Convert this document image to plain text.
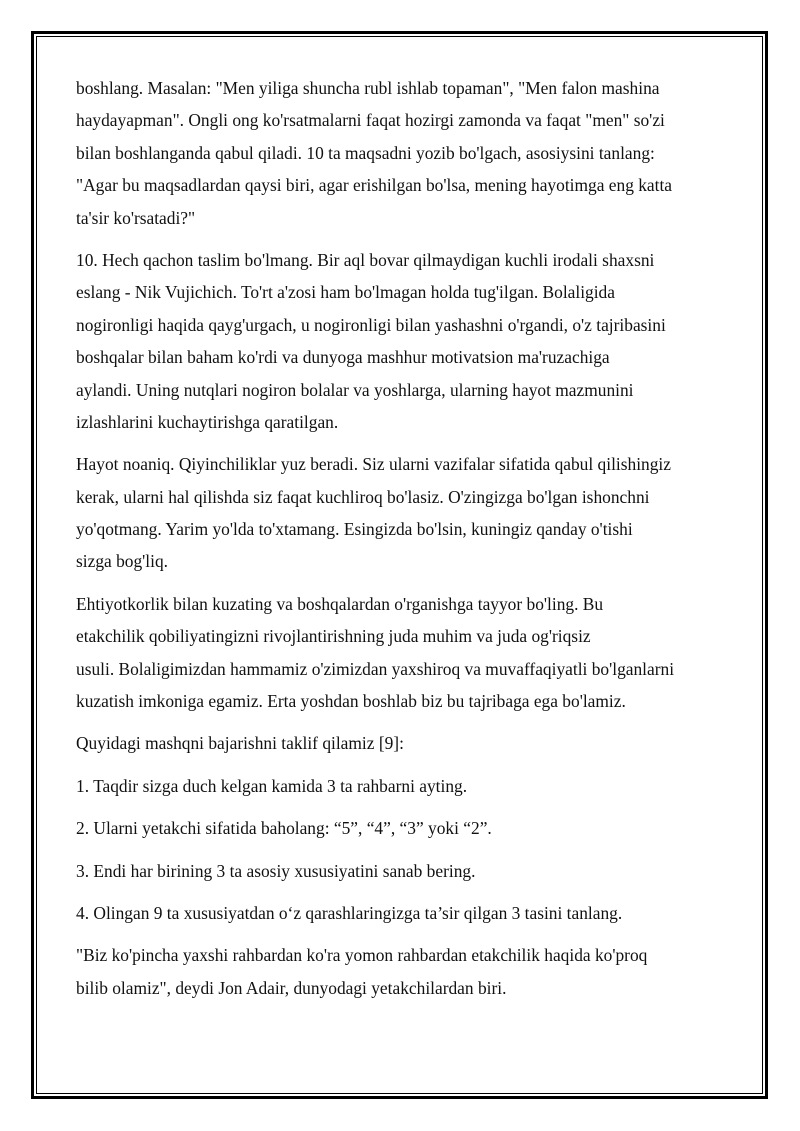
boshlang. Masalan: "Men yiliga shuncha rubl ishlab topaman", "Men falon mashina
haydayapman". Ongli ong ko'rsatmalarni faqat hozirgi zamonda va faqat "men" so'zi
bilan boshlanganda qabul qiladi. 10 ta maqsadni yozib bo'lgach, asosiysini tanlang:
"Agar bu maqsadlardan qaysi biri, agar erishilgan bo'lsa, mening hayotimga eng katta
ta'sir ko'rsatadi?"

10. Hech qachon taslim bo'lmang. Bir aql bovar qilmaydigan kuchli irodali shaxsni
eslang - Nik Vujichich. To'rt a'zosi ham bo'lmagan holda tug'ilgan. Bolaligida
nogironligi haqida qayg'urgach, u nogironligi bilan yashashni o'rgandi, o'z tajribasini
boshqalar bilan baham ko'rdi va dunyoga mashhur motivatsion ma'ruzachiga
aylandi. Uning nutqlari nogiron bolalar va yoshlarga, ularning hayot mazmunini
izlashlarini kuchaytirishga qaratilgan.

Hayot noaniq. Qiyinchiliklar yuz beradi. Siz ularni vazifalar sifatida qabul qilishingiz
kerak, ularni hal qilishda siz faqat kuchliroq bo'lasiz. O'zingizga bo'lgan ishonchni
yo'qotmang. Yarim yo'lda to'xtamang. Esingizda bo'lsin, kuningiz qanday o'tishi
sizga bog'liq.

Ehtiyotkorlik bilan kuzating va boshqalardan o'rganishga tayyor bo'ling. Bu
etakchilik qobiliyatingizni rivojlantirishning juda muhim va juda og'riqsiz
usuli. Bolaligimizdan hammamiz o'zimizdan yaxshiroq va muvaffaqiyatli bo'lganlarni
kuzatish imkoniga egamiz. Erta yoshdan boshlab biz bu tajribaga ega bo'lamiz.

Quyidagi mashqni bajarishni taklif qilamiz [9]:

1. Taqdir sizga duch kelgan kamida 3 ta rahbarni ayting.

2. Ularni yetakchi sifatida baholang: “5”, “4”, “3” yoki “2”.

3. Endi har birining 3 ta asosiy xususiyatini sanab bering.

4. Olingan 9 ta xususiyatdan o‘z qarashlaringizga ta’sir qilgan 3 tasini tanlang.

"Biz ko'pincha yaxshi rahbardan ko'ra yomon rahbardan etakchilik haqida ko'proq
bilib olamiz", deydi Jon Adair, dunyodagi yetakchilardan biri.
